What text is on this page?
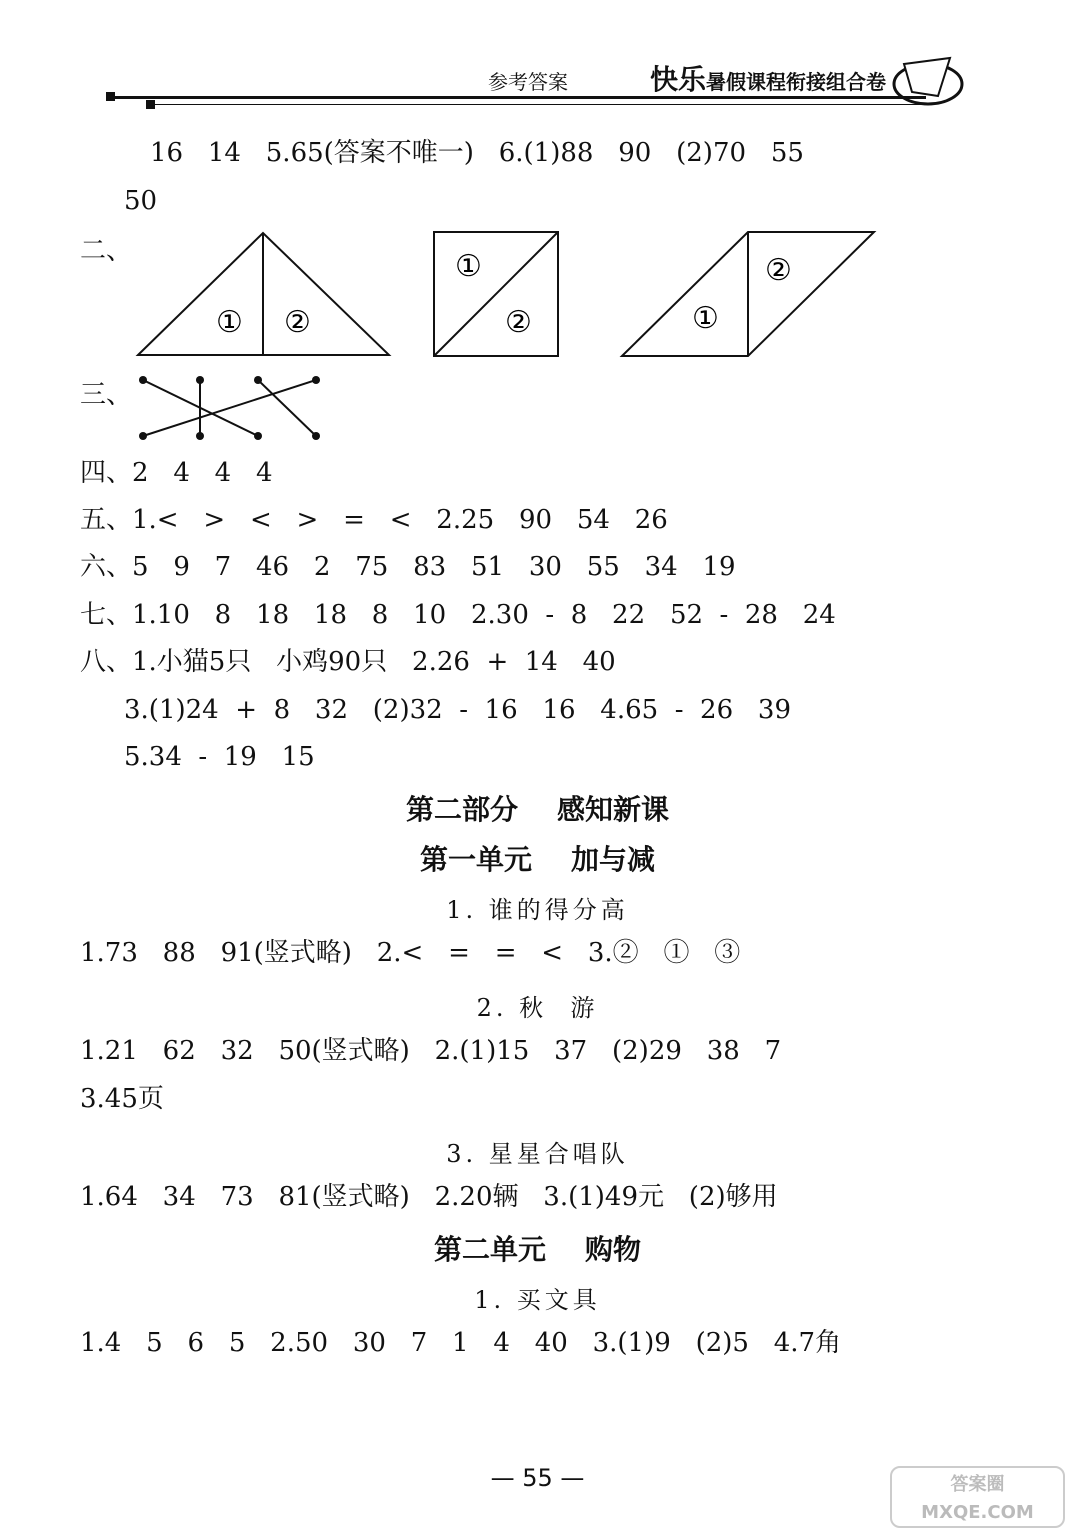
参考答案	快乐 暑假课程衔接组合卷
16   14   5.65(答案不唯一)   6.(1)88   90   (2)70   55
50
二、
三、
① ②
①
②	①
②
四、2   4   4   4
五、1.<   >   <   >   =   <   2.25   90   54   26
六、5   9   7   46   2   75   83   51   30   55   34   19
七、1.10   8   18   18   8   10   2.30  -  8   22   52  -  28   24
八、1.小猫5只   小鸡90只   2.26  +  14   40
3.(1)24  +  8   32   (2)32  -  16   16   4.65  -  26   39
5.34  -  19   15
第二部分    感知新课
第一单元    加与减
1. 谁的得分高
1.73   88   91(竖式略)   2.<   =   =   <   3.②   ①   ③
2. 秋  游
1.21   62   32   50(竖式略)   2.(1)15   37   (2)29   38   7
3.45页
3. 星星合唱队
1.64   34   73   81(竖式略)   2.20辆   3.(1)49元   (2)够用
第二单元    购物
1. 买文具
1.4   5   6   5   2.50   30   7   1   4   40   3.(1)9   (2)5   4.7角
— 55 —	答案圈 MXQE.COM
